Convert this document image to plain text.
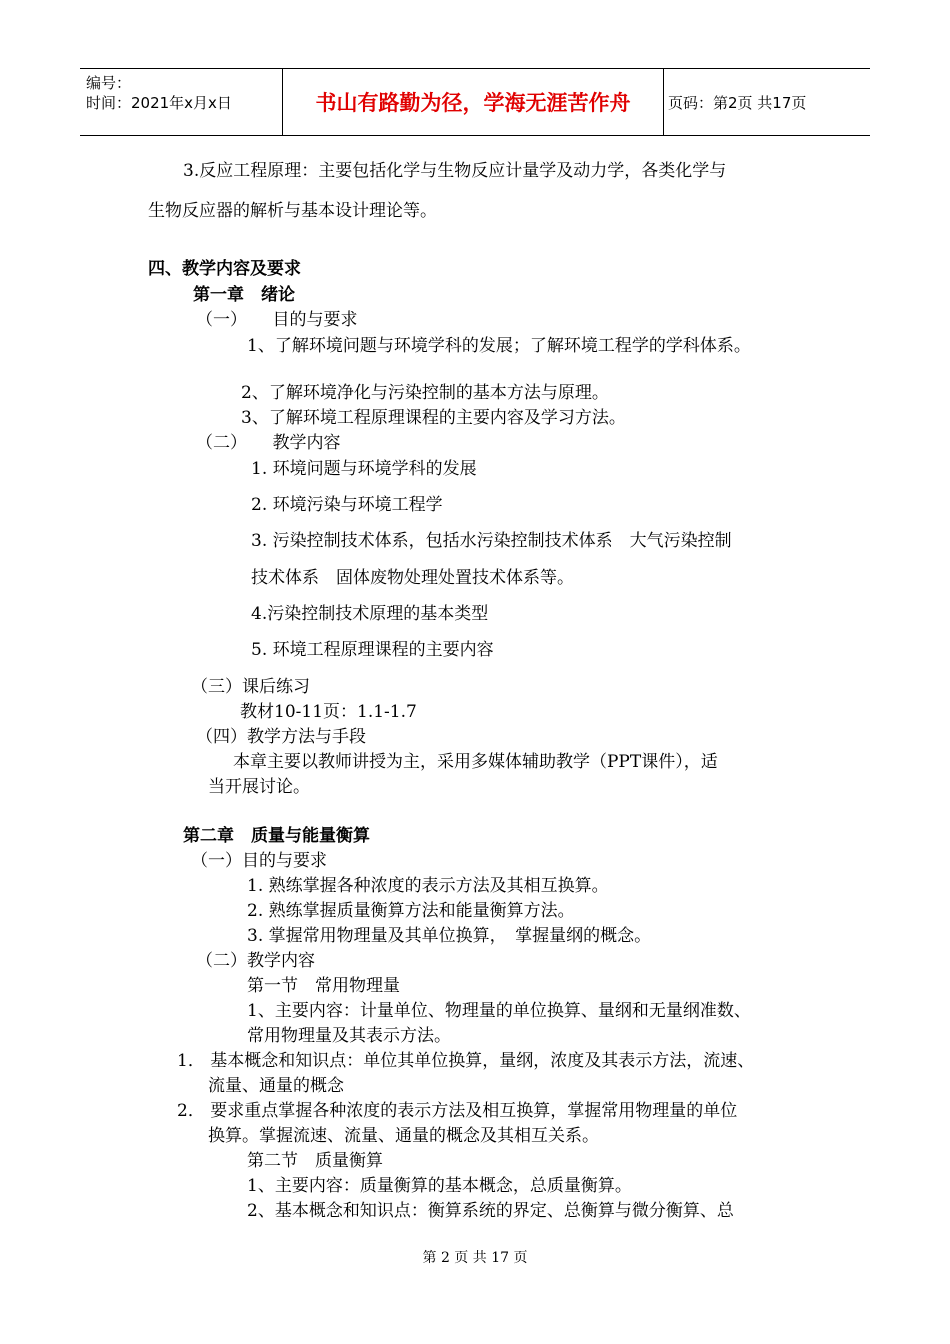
编号：
时间：2021年x月x日	书山有路勤为径，学海无涯苦作舟	页码：第2页 共17页
3.反应工程原理：主要包括化学与生物反应计量学及动力学，各类化学与
生物反应器的解析与基本设计理论等。
四、教学内容及要求
第一章　绪论
（一）　　目的与要求
1、了解环境问题与环境学科的发展；了解环境工程学的学科体系。
2、了解环境净化与污染控制的基本方法与原理。
3、了解环境工程原理课程的主要内容及学习方法。
（二）　　教学内容
1. 环境问题与环境学科的发展
2. 环境污染与环境工程学
3. 污染控制技术体系，包括水污染控制技术体系　大气污染控制
技术体系　固体废物处理处置技术体系等。
4.污染控制技术原理的基本类型
5. 环境工程原理课程的主要内容
（三）课后练习
教材10-11页：1.1-1.7
（四）教学方法与手段
本章主要以教师讲授为主，采用多媒体辅助教学（PPT课件），适
当开展讨论。
第二章　质量与能量衡算
（一）目的与要求
1. 熟练掌握各种浓度的表示方法及其相互换算。
2. 熟练掌握质量衡算方法和能量衡算方法。
3. 掌握常用物理量及其单位换算，　掌握量纲的概念。
（二）教学内容
第一节　常用物理量
1、主要内容：计量单位、物理量的单位换算、量纲和无量纲准数、
常用物理量及其表示方法。
1． 基本概念和知识点：单位其单位换算，量纲，浓度及其表示方法，流速、
流量、通量的概念
2． 要求重点掌握各种浓度的表示方法及相互换算，掌握常用物理量的单位
换算。掌握流速、流量、通量的概念及其相互关系。
第二节　质量衡算
1、主要内容：质量衡算的基本概念，总质量衡算。
2、基本概念和知识点：衡算系统的界定、总衡算与微分衡算、总
第 2 页 共 17 页
